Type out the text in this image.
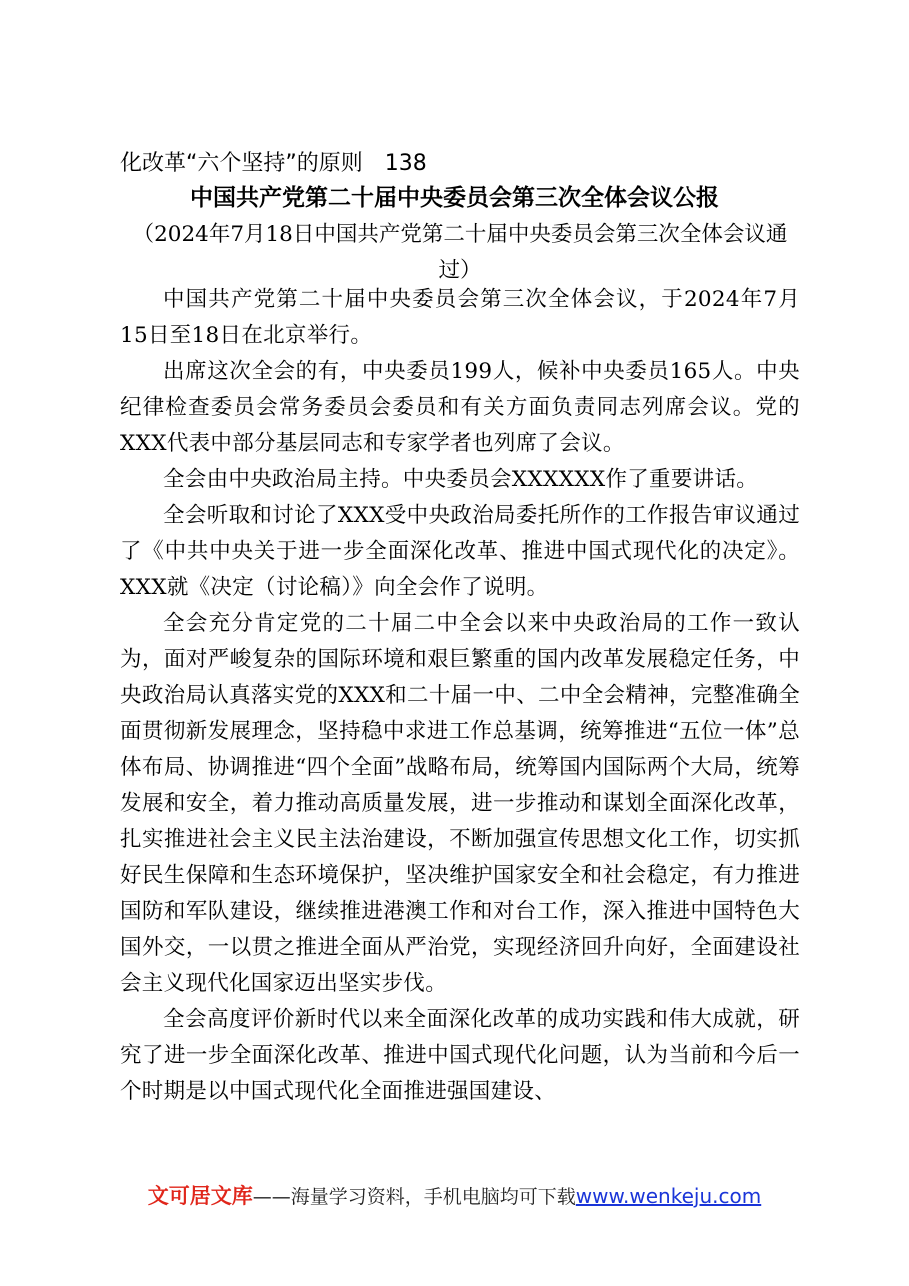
化改革“六个坚持”的原则 138
中国共产党第二十届中央委员会第三次全体会议公报
（2024年7月18日中国共产党第二十届中央委员会第三次全体会议通过）

中国共产党第二十届中央委员会第三次全体会议，于2024年7月15日至18日在北京举行。

出席这次全会的有，中央委员199人，候补中央委员165人。中央纪律检查委员会常务委员会委员和有关方面负责同志列席会议。党的XXX代表中部分基层同志和专家学者也列席了会议。

全会由中央政治局主持。中央委员会XXXXXX作了重要讲话。

全会听取和讨论了XXX受中央政治局委托所作的工作报告审议通过了《中共中央关于进一步全面深化改革、推进中国式现代化的决定》。XXX就《决定（讨论稿）》向全会作了说明。

全会充分肯定党的二十届二中全会以来中央政治局的工作一致认为，面对严峻复杂的国际环境和艰巨繁重的国内改革发展稳定任务，中央政治局认真落实党的XXX和二十届一中、二中全会精神，完整准确全面贯彻新发展理念，坚持稳中求进工作总基调，统筹推进“五位一体”总体布局、协调推进“四个全面”战略布局，统筹国内国际两个大局，统筹发展和安全，着力推动高质量发展，进一步推动和谋划全面深化改革，扎实推进社会主义民主法治建设，不断加强宣传思想文化工作，切实抓好民生保障和生态环境保护，坚决维护国家安全和社会稳定，有力推进国防和军队建设，继续推进港澳工作和对台工作，深入推进中国特色大国外交，一以贯之推进全面从严治党，实现经济回升向好，全面建设社会主义现代化国家迈出坚实步伐。

全会高度评价新时代以来全面深化改革的成功实践和伟大成就，研究了进一步全面深化改革、推进中国式现代化问题，认为当前和今后一个时期是以中国式现代化全面推进强国建设、

文可居文库——海量学习资料，手机电脑均可下载www.wenkeju.com
